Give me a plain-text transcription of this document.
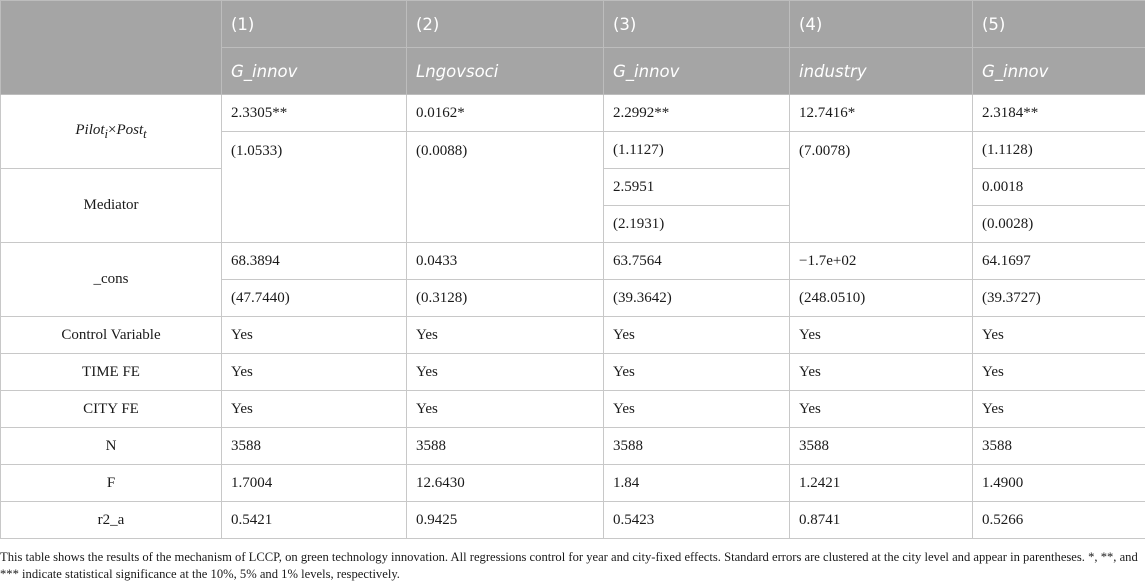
	(1)	(2)	(3)	(4)	(5)
	G_innov	Lngovsoci	G_innov	industry	G_innov
Pilot$_i$×Post$_t$	2.3305**	0.0162*	2.2992**	12.7416*	2.3184**
	(1.0533)	(0.0088)	(1.1127)	(7.0078)	(1.1128)
Mediator			2.5951		0.0018
			(2.1931)		(0.0028)
_cons	68.3894	0.0433	63.7564	−1.7e+02	64.1697
	(47.7440)	(0.3128)	(39.3642)	(248.0510)	(39.3727)
Control Variable	Yes	Yes	Yes	Yes	Yes
TIME FE	Yes	Yes	Yes	Yes	Yes
CITY FE	Yes	Yes	Yes	Yes	Yes
N	3588	3588	3588	3588	3588
F	1.7004	12.6430	1.84	1.2421	1.4900
r2_a	0.5421	0.9425	0.5423	0.8741	0.5266
This table shows the results of the mechanism of LCCP, on green technology innovation. All regressions control for year and city-fixed effects. Standard errors are clustered at the city level and appear in parentheses. *, **, and *** indicate statistical significance at the 10%, 5% and 1% levels, respectively.
